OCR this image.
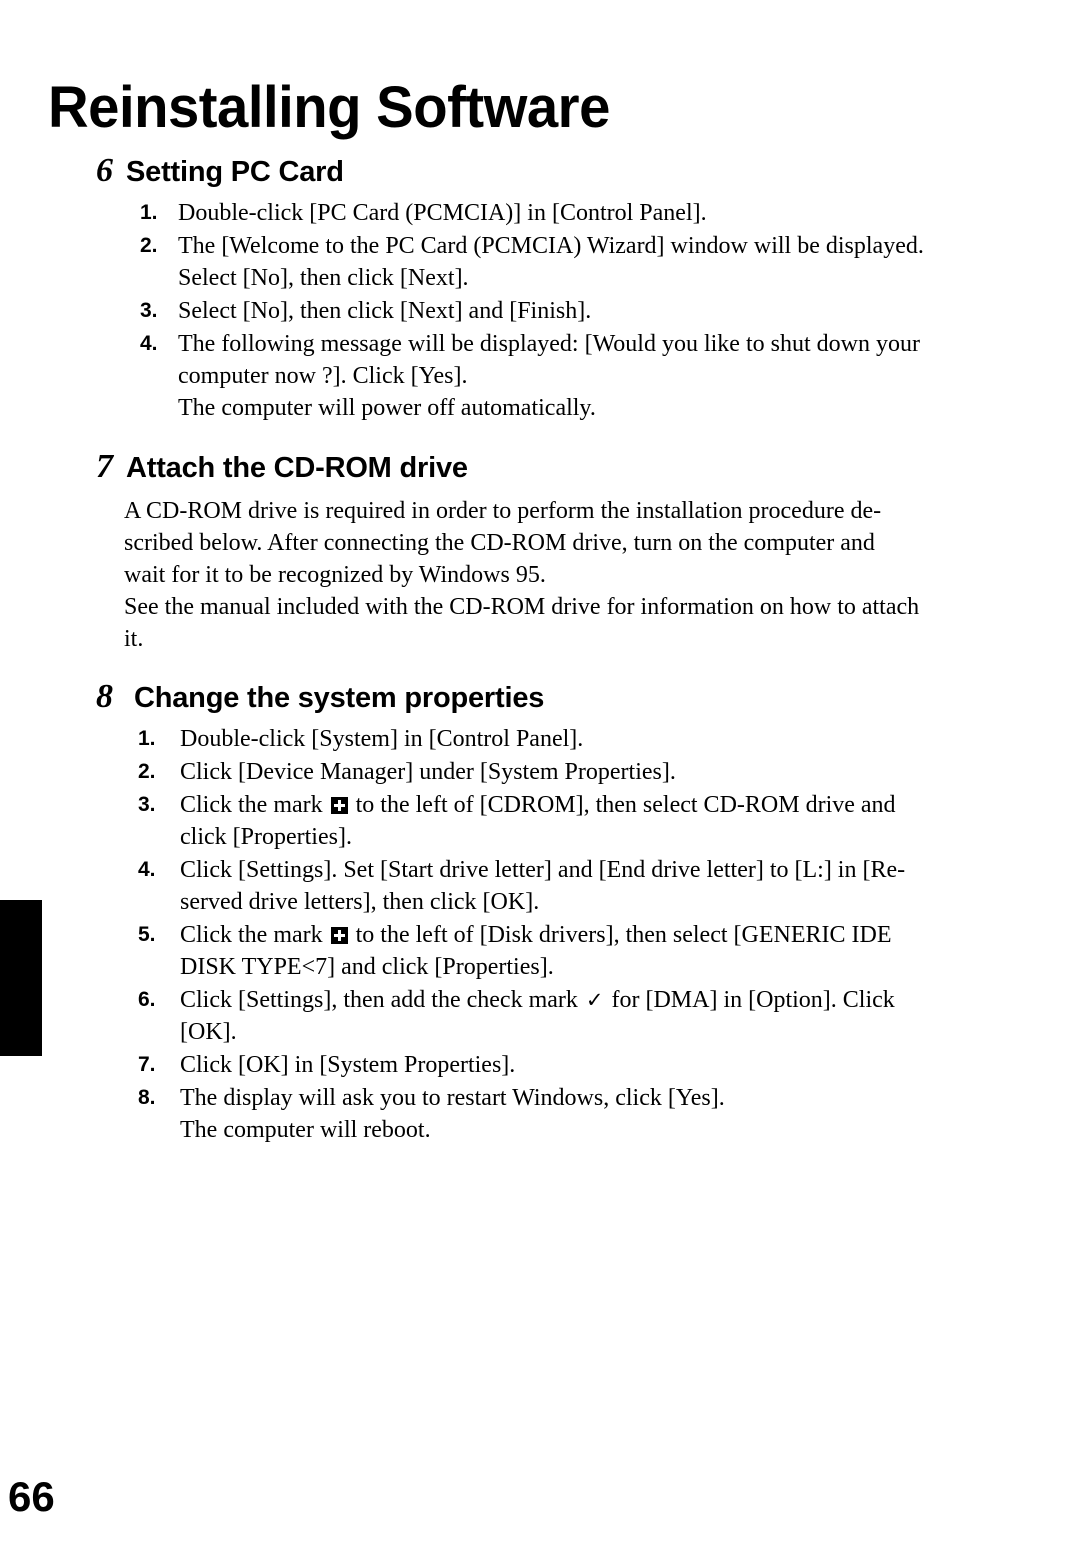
Reinstalling Software
6 Setting PC Card
1. Double-click [PC Card (PCMCIA)] in [Control Panel].
2. The [Welcome to the PC Card (PCMCIA) Wizard] window will be displayed.
Select [No], then click [Next].
3. Select [No], then click [Next] and [Finish].
4. The following message will be displayed: [Would you like to shut down your
computer now ?]. Click [Yes].
The computer will power off automatically.
7 Attach the CD-ROM drive

A CD-ROM drive is required in order to perform the installation procedure de-
scribed below. After connecting the CD-ROM drive, turn on the computer and
wait for it to be recognized by Windows 95.

See the manual included with the CD-ROM drive for information on how to attach
it.

8 Change the system properties
1.	Double-click [System] in [Control Panel].
2.	Click [Device Manager] under [System Properties].
3.	Click the mark  to the left of [CDROM], then select CD-ROM drive and
click [Properties].
4.	Click [Settings]. Set [Start drive letter] and [End drive letter] to [L:] in [Re-
served drive letters], then click [OK].
5.	Click the mark  to the left of [Disk drivers], then select [GENERIC IDE
DISK TYPE<7] and click [Properties].
6.	Click [Settings], then add the check mark ✓ for [DMA] in [Option]. Click
[OK].
7.	Click [OK] in [System Properties].
8.	The display will ask you to restart Windows, click [Yes].
The computer will reboot.
66
